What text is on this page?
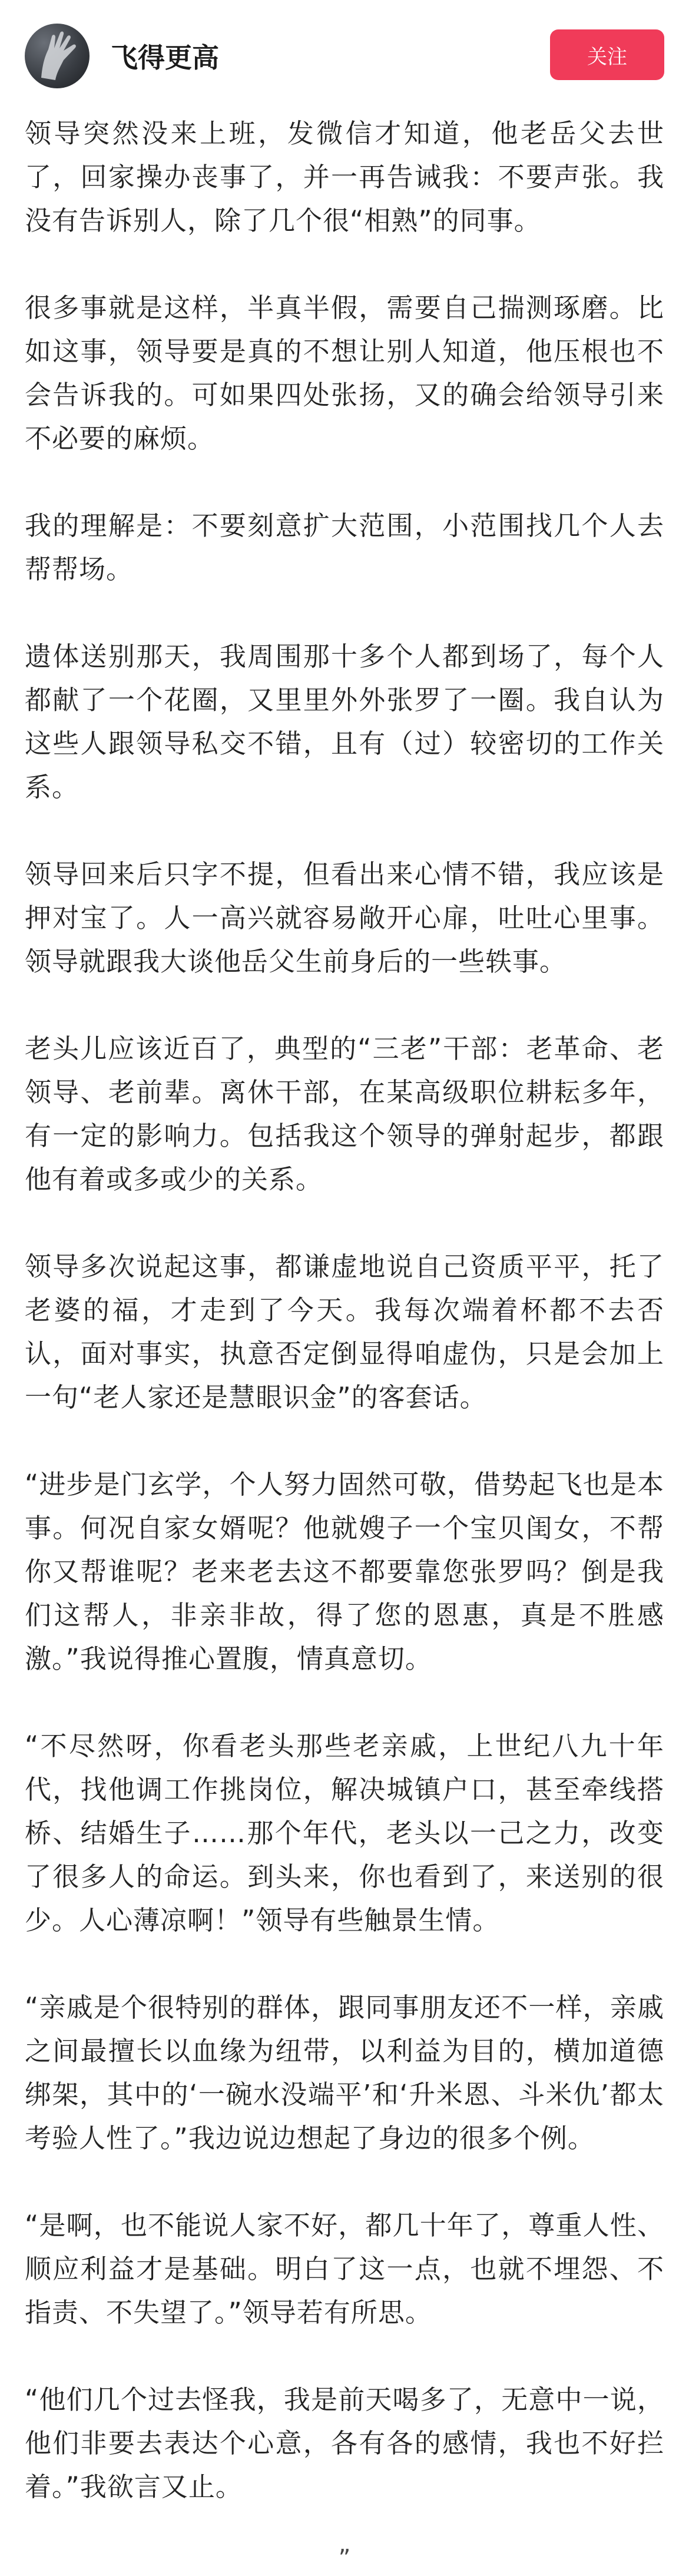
飞得更高	关注

领导突然没来上班，发微信才知道，他老岳父去世了，回家操办丧事了，并一再告诫我：不要声张。我没有告诉别人，除了几个很“相熟”的同事。

很多事就是这样，半真半假，需要自己揣测琢磨。比如这事，领导要是真的不想让别人知道，他压根也不会告诉我的。可如果四处张扬，又的确会给领导引来不必要的麻烦。

我的理解是：不要刻意扩大范围，小范围找几个人去帮帮场。

遗体送别那天，我周围那十多个人都到场了，每个人都献了一个花圈，又里里外外张罗了一圈。我自认为这些人跟领导私交不错，且有（过）较密切的工作关系。

领导回来后只字不提，但看出来心情不错，我应该是押对宝了。人一高兴就容易敞开心扉，吐吐心里事。领导就跟我大谈他岳父生前身后的一些轶事。

老头儿应该近百了，典型的“三老”干部：老革命、老领导、老前辈。离休干部，在某高级职位耕耘多年，有一定的影响力。包括我这个领导的弹射起步，都跟他有着或多或少的关系。

领导多次说起这事，都谦虚地说自己资质平平，托了老婆的福，才走到了今天。我每次端着杯都不去否认，面对事实，执意否定倒显得咱虚伪，只是会加上一句“老人家还是慧眼识金”的客套话。

“进步是门玄学，个人努力固然可敬，借势起飞也是本事。何况自家女婿呢？他就嫂子一个宝贝闺女，不帮你又帮谁呢？老来老去这不都要靠您张罗吗？倒是我们这帮人，非亲非故，得了您的恩惠，真是不胜感激。”我说得推心置腹，情真意切。

“不尽然呀，你看老头那些老亲戚，上世纪八九十年代，找他调工作挑岗位，解决城镇户口，甚至牵线搭桥、结婚生子……那个年代，老头以一己之力，改变了很多人的命运。到头来，你也看到了，来送别的很少。人心薄凉啊！”领导有些触景生情。

“亲戚是个很特别的群体，跟同事朋友还不一样，亲戚之间最擅长以血缘为纽带，以利益为目的，横加道德绑架，其中的‘一碗水没端平’和‘升米恩、斗米仇’都太考验人性了。”我边说边想起了身边的很多个例。

“是啊，也不能说人家不好，都几十年了，尊重人性、顺应利益才是基础。明白了这一点，也就不埋怨、不指责、不失望了。”领导若有所思。

“他们几个过去怪我，我是前天喝多了，无意中一说，他们非要去表达个心意，各有各的感情，我也不好拦着。”我欲言又止。

”
